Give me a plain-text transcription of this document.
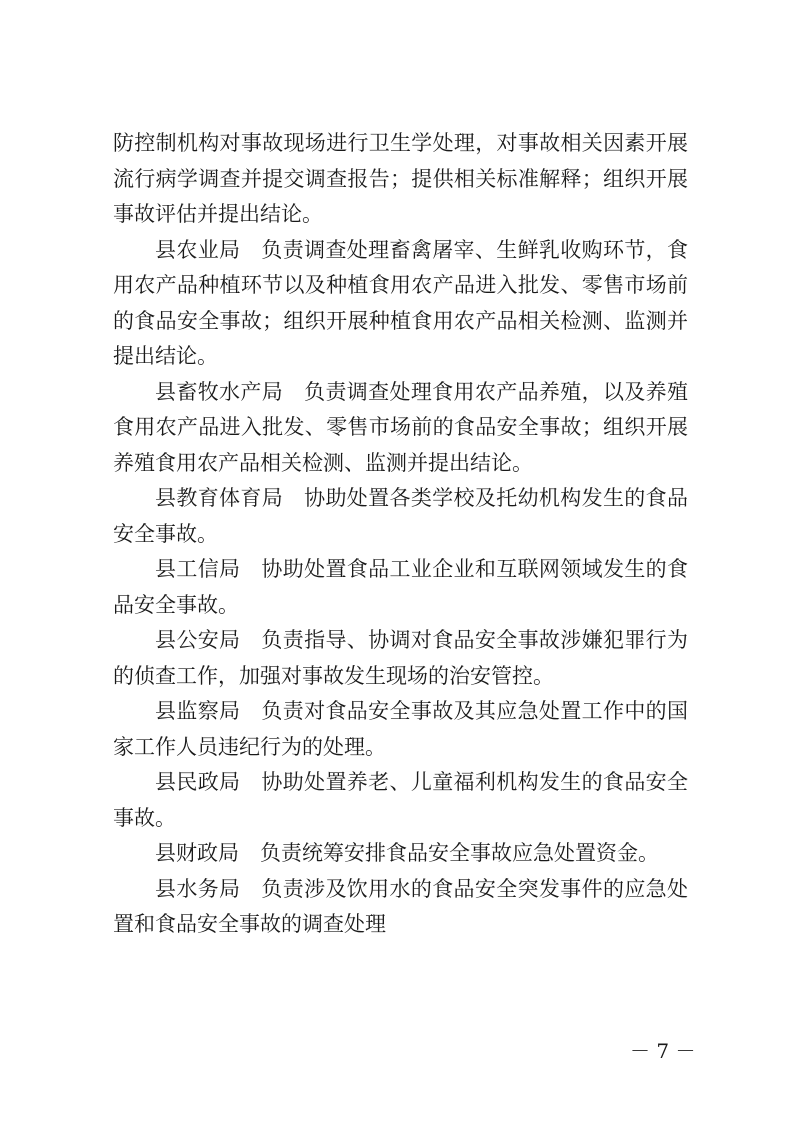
防控制机构对事故现场进行卫生学处理，对事故相关因素开展流行病学调查并提交调查报告；提供相关标准解释；组织开展事故评估并提出结论。

县农业局 负责调查处理畜禽屠宰、生鲜乳收购环节，食用农产品种植环节以及种植食用农产品进入批发、零售市场前的食品安全事故；组织开展种植食用农产品相关检测、监测并提出结论。

县畜牧水产局 负责调查处理食用农产品养殖，以及养殖食用农产品进入批发、零售市场前的食品安全事故；组织开展养殖食用农产品相关检测、监测并提出结论。

县教育体育局 协助处置各类学校及托幼机构发生的食品安全事故。

县工信局 协助处置食品工业企业和互联网领域发生的食品安全事故。

县公安局 负责指导、协调对食品安全事故涉嫌犯罪行为的侦查工作，加强对事故发生现场的治安管控。

县监察局 负责对食品安全事故及其应急处置工作中的国家工作人员违纪行为的处理。

县民政局 协助处置养老、儿童福利机构发生的食品安全事故。

县财政局 负责统筹安排食品安全事故应急处置资金。

县水务局 负责涉及饮用水的食品安全突发事件的应急处置和食品安全事故的调查处理

－ 7 －
